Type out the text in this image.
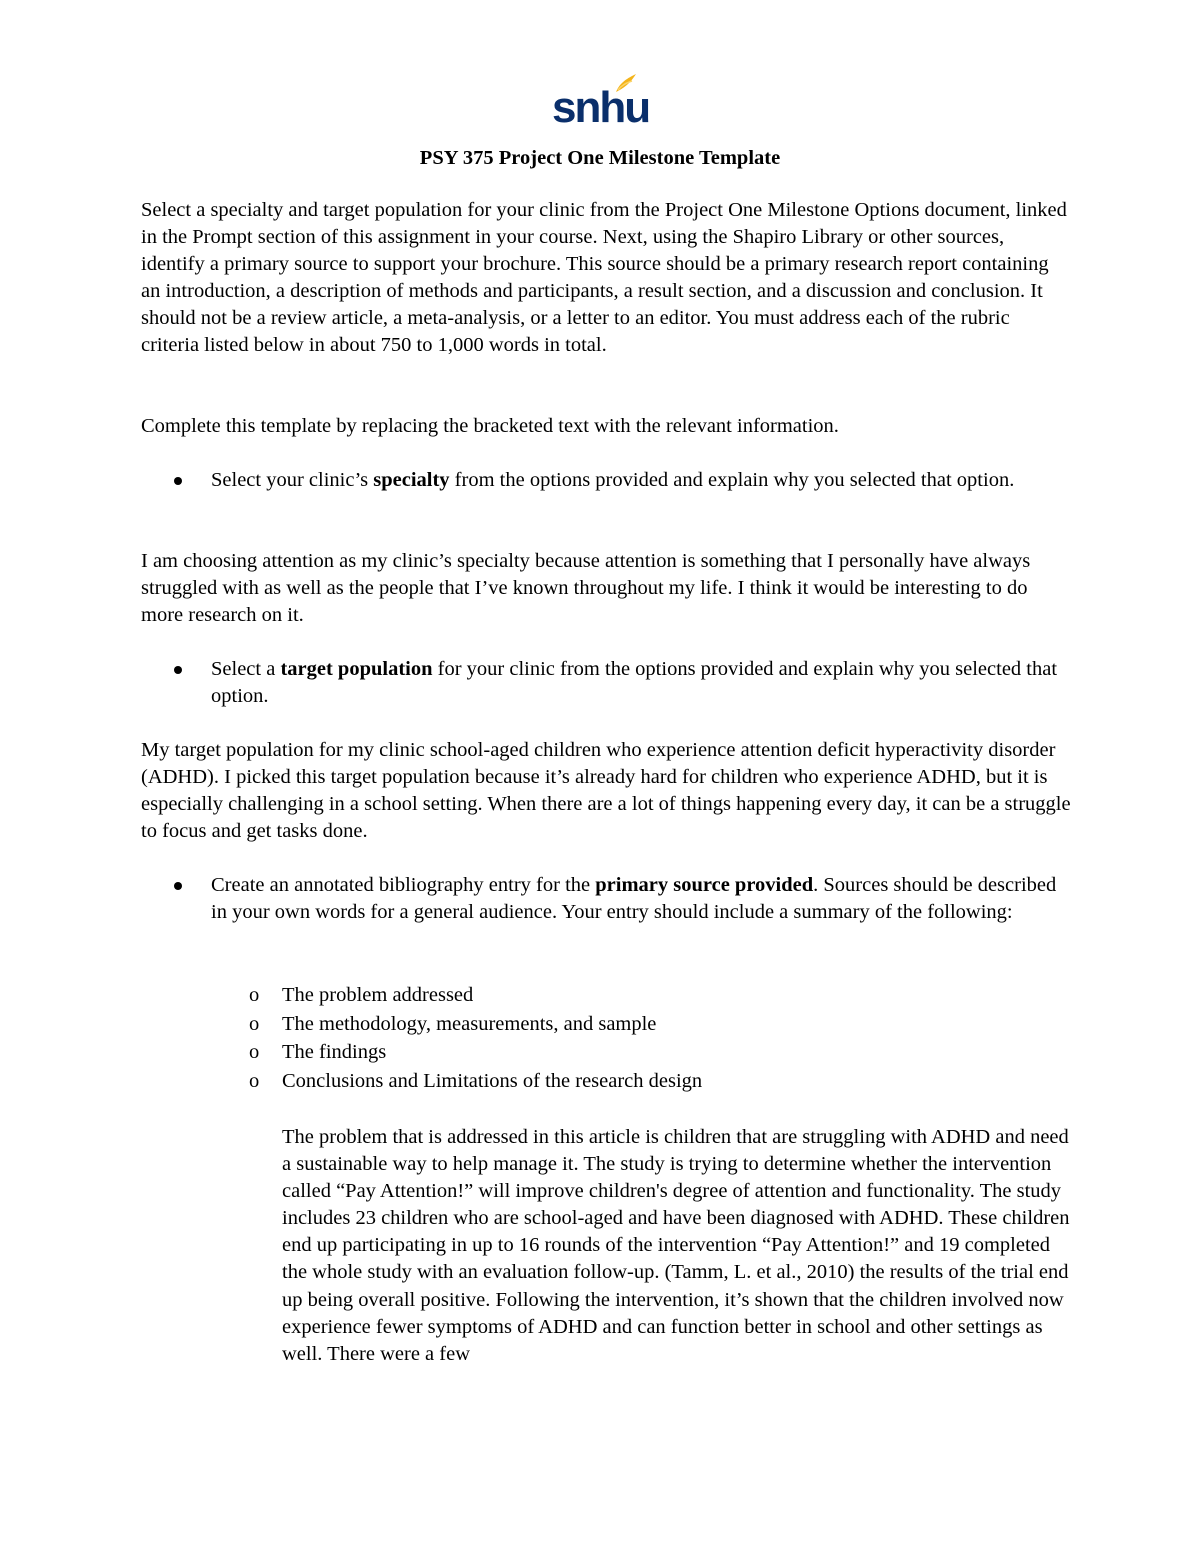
snhu
PSY 375 Project One Milestone Template

Select a specialty and target population for your clinic from the Project One Milestone Options document, linked in the Prompt section of this assignment in your course. Next, using the Shapiro Library or other sources, identify a primary source to support your brochure. This source should be a primary research report containing an introduction, a description of methods and participants, a result section, and a discussion and conclusion. It should not be a review article, a meta-analysis, or a letter to an editor. You must address each of the rubric criteria listed below in about 750 to 1,000 words in total.

Complete this template by replacing the bracketed text with the relevant information.

Select your clinic’s specialty from the options provided and explain why you selected that option.

I am choosing attention as my clinic’s specialty because attention is something that I personally have always struggled with as well as the people that I’ve known throughout my life. I think it would be interesting to do more research on it.

Select a target population for your clinic from the options provided and explain why you selected that option.

My target population for my clinic school-aged children who experience attention deficit hyperactivity disorder (ADHD). I picked this target population because it’s already hard for children who experience ADHD, but it is especially challenging in a school setting. When there are a lot of things happening every day, it can be a struggle to focus and get tasks done.

Create an annotated bibliography entry for the primary source provided. Sources should be described in your own words for a general audience. Your entry should include a summary of the following:
o The problem addressed
o The methodology, measurements, and sample
o The findings
o Conclusions and Limitations of the research design

The problem that is addressed in this article is children that are struggling with ADHD and need a sustainable way to help manage it. The study is trying to determine whether the intervention called “Pay Attention!” will improve children's degree of attention and functionality. The study includes 23 children who are school-aged and have been diagnosed with ADHD. These children end up participating in up to 16 rounds of the intervention “Pay Attention!” and 19 completed the whole study with an evaluation follow-up. (Tamm, L. et al., 2010) the results of the trial end up being overall positive. Following the intervention, it’s shown that the children involved now experience fewer symptoms of ADHD and can function better in school and other settings as well. There were a few
